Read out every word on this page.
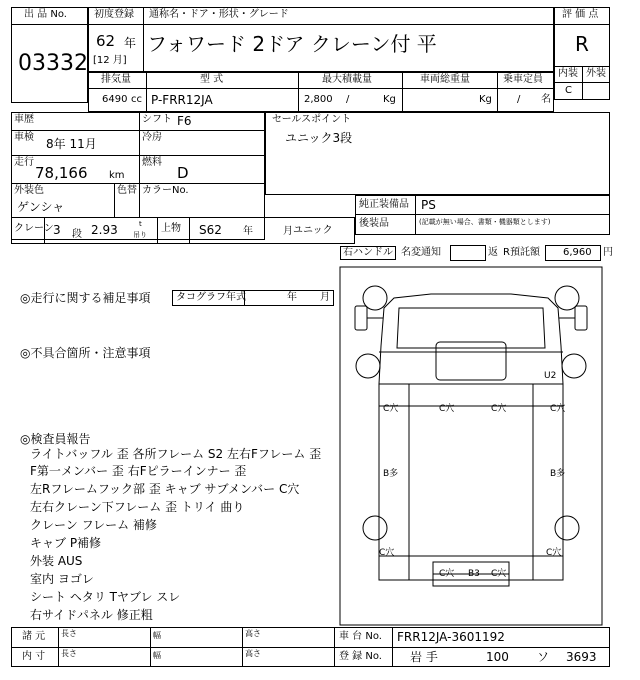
出 品 No.
03332
初度登録 通称名・ドア・形状・グレード
62 年
[12 月]
フォワード 2ドア クレーン付 平
評 価 点
R
内装 外装
C
排気量	型 式	最大積載量	車両総重量	乗車定員
6490 cc P-FRR12JA	2,800 /	Kg	Kg	/ 名
車歴	シフト F6
車検 8年 11月	冷房
走行
78,166 km
燃料
D
外装色
ゲンシャ
色替 カラーNo.
セールスポイント
ユニック3段
純正装備品 PS
後装品	(記載が無い場合、書類・機器類とします)
クレーン 3 段 2.93	t
吊り
上物 S62 年	月 ユニック
右ハンドル 名変通知	返 R預託額 6,960 円
◎走行に関する補足事項	タコグラフ年式	年 月
◎不具合箇所・注意事項
◎検査員報告
ライトバッフル 歪 各所フレーム S2 左右Fフレーム 歪
F第一メンバー 歪 右Fピラーインナー 歪
左Rフレームフック部 歪 キャブ サブメンバー C穴
左右クレーン下フレーム 歪 トリイ 曲り
クレーン フレーム 補修
キャブ P補修
外装 AUS
室内 ヨゴレ
シート ヘタリ Tヤブレ スレ
右サイドパネル 修正粗
U2
C穴	C穴	C穴	C穴
B多	B多
C穴	C穴
C穴 B3 C穴
諸 元
内 寸
長さ	幅	高さ
長さ	幅	高さ
車 台 No. FRR12JA-3601192
登 録 No. 岩 手	100 ソ 3693
